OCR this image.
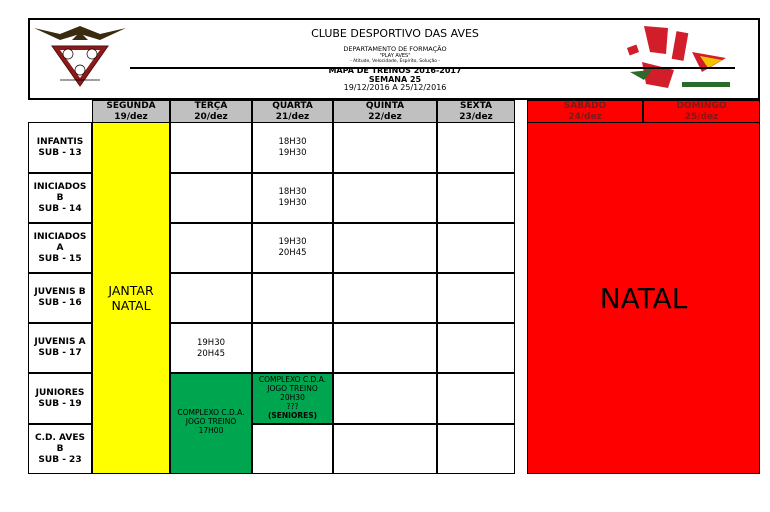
CLUBE DESPORTIVO DAS AVES
DEPARTAMENTO DE FORMAÇÃO
"PLAY AVES"
- Atitude, Velocidade, Espírito, Solução -
MAPA DE TREINOS 2016-2017
SEMANA 25
19/12/2016 A 25/12/2016
SEGUNDA
19/dez
TERÇA
20/dez
QUARTA
21/dez
QUINTA
22/dez
SEXTA
23/dez
SÁBADO
24/dez
DOMINGO
25/dez
INFANTIS
SUB - 13
INICIADOS
B
SUB - 14
INICIADOS
A
SUB - 15
JUVENIS B
SUB - 16
JUVENIS A
SUB - 17
JUNIORES
SUB - 19
C.D. AVES
B
SUB - 23
JANTAR
NATAL
19H30
20H45
COMPLEXO C.D.A.
JOGO TREINO
17H00
18H30
19H30
18H30
19H30
19H30
20H45
COMPLEXO C.D.A.
JOGO TREINO
20H30
???
(SENIORES)
NATAL
